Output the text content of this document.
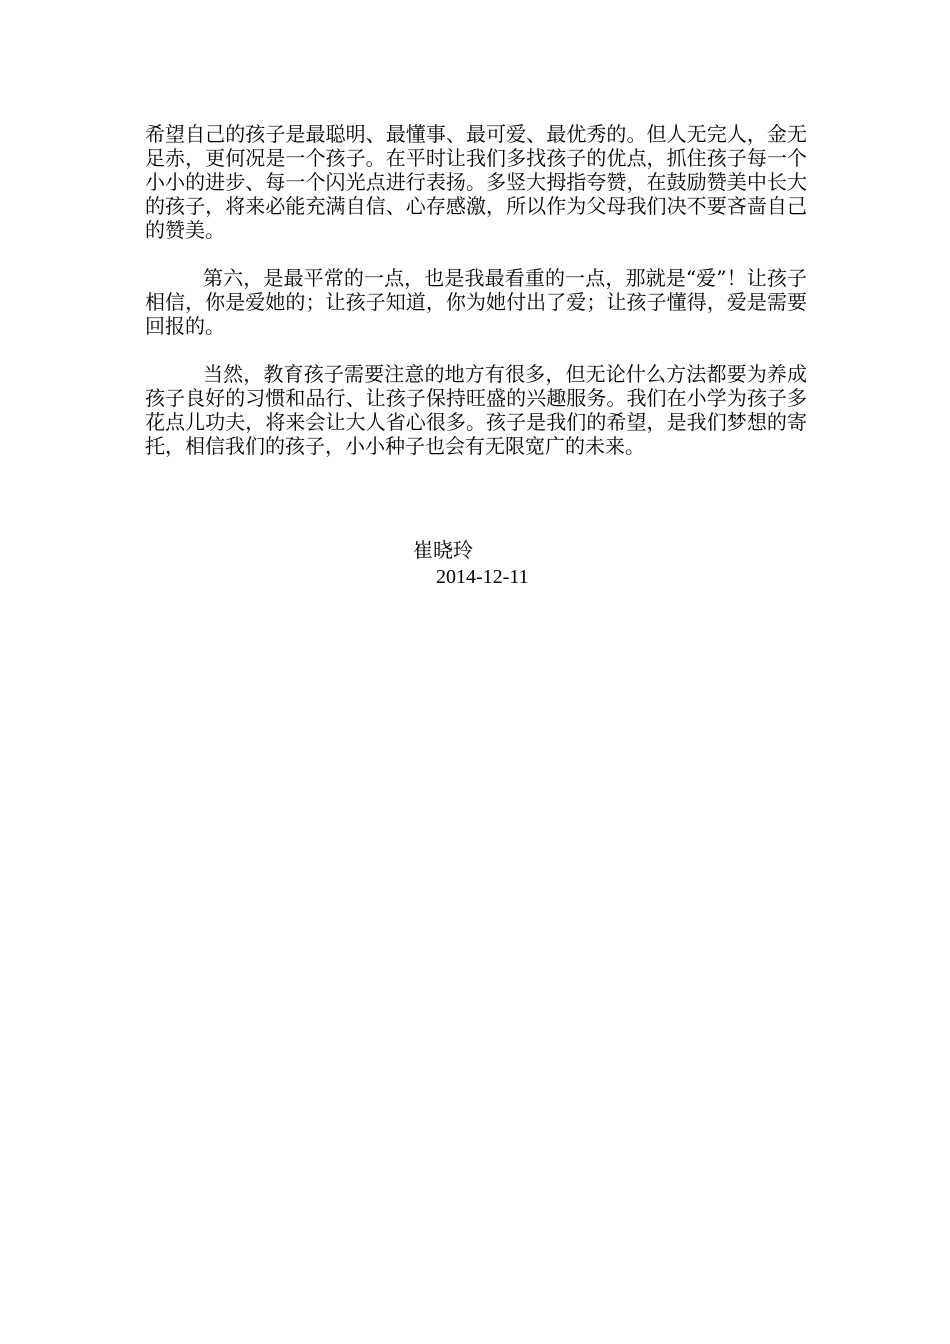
希望自己的孩子是最聪明、最懂事、最可爱、最优秀的。但人无完人，金无足赤，更何况是一个孩子。在平时让我们多找孩子的优点，抓住孩子每一个小小的进步、每一个闪光点进行表扬。多竖大拇指夸赞，在鼓励赞美中长大的孩子，将来必能充满自信、心存感激，所以作为父母我们决不要吝啬自己的赞美。

第六，是最平常的一点，也是我最看重的一点，那就是“爱”！让孩子相信，你是爱她的；让孩子知道，你为她付出了爱；让孩子懂得，爱是需要回报的。

当然，教育孩子需要注意的地方有很多，但无论什么方法都要为养成孩子良好的习惯和品行、让孩子保持旺盛的兴趣服务。我们在小学为孩子多花点儿功夫，将来会让大人省心很多。孩子是我们的希望，是我们梦想的寄托，相信我们的孩子，小小种子也会有无限宽广的未来。

崔晓玲
2014-12-11
